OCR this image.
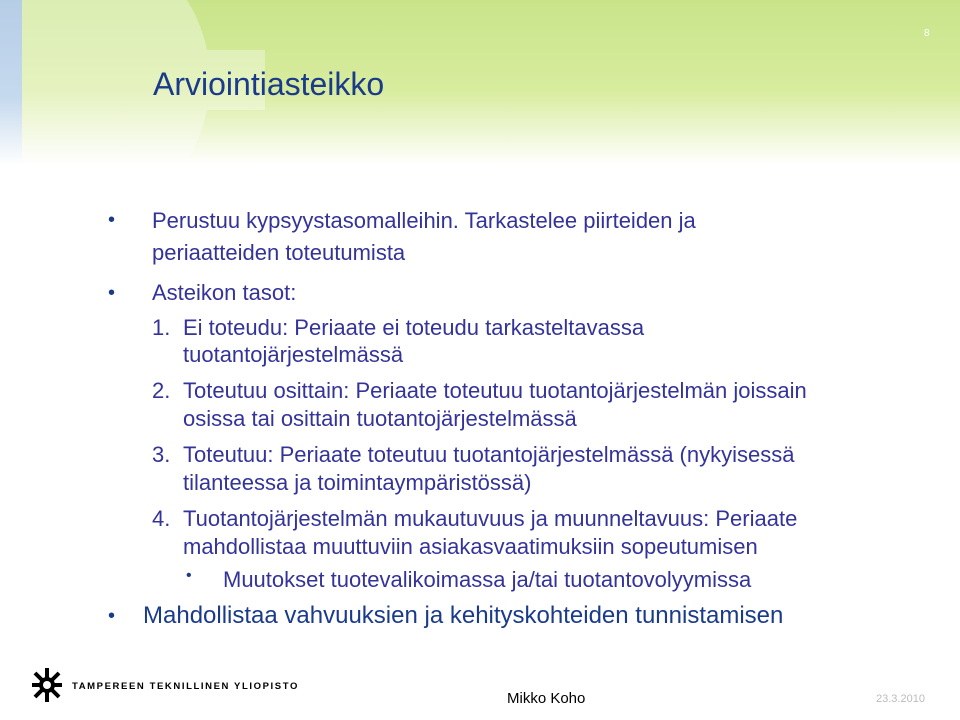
8
Arviointiasteikko
• Perustuu kypsyystasomalleihin. Tarkastelee piirteiden ja
periaatteiden toteutumista
• Asteikon tasot:
1. Ei toteudu: Periaate ei toteudu tarkasteltavassa
tuotantojärjestelmässä
2. Toteutuu osittain: Periaate toteutuu tuotantojärjestelmän joissain
osissa tai osittain tuotantojärjestelmässä
3. Toteutuu: Periaate toteutuu tuotantojärjestelmässä (nykyisessä
tilanteessa ja toimintaympäristössä)
4. Tuotantojärjestelmän mukautuvuus ja muunneltavuus: Periaate
mahdollistaa muuttuviin asiakasvaatimuksiin sopeutumisen
• Muutokset tuotevalikoimassa ja/tai tuotantovolyymissa
• Mahdollistaa vahvuuksien ja kehityskohteiden tunnistamisen
TAMPEREEN TEKNILLINEN YLIOPISTO
Mikko Koho	23.3.2010
